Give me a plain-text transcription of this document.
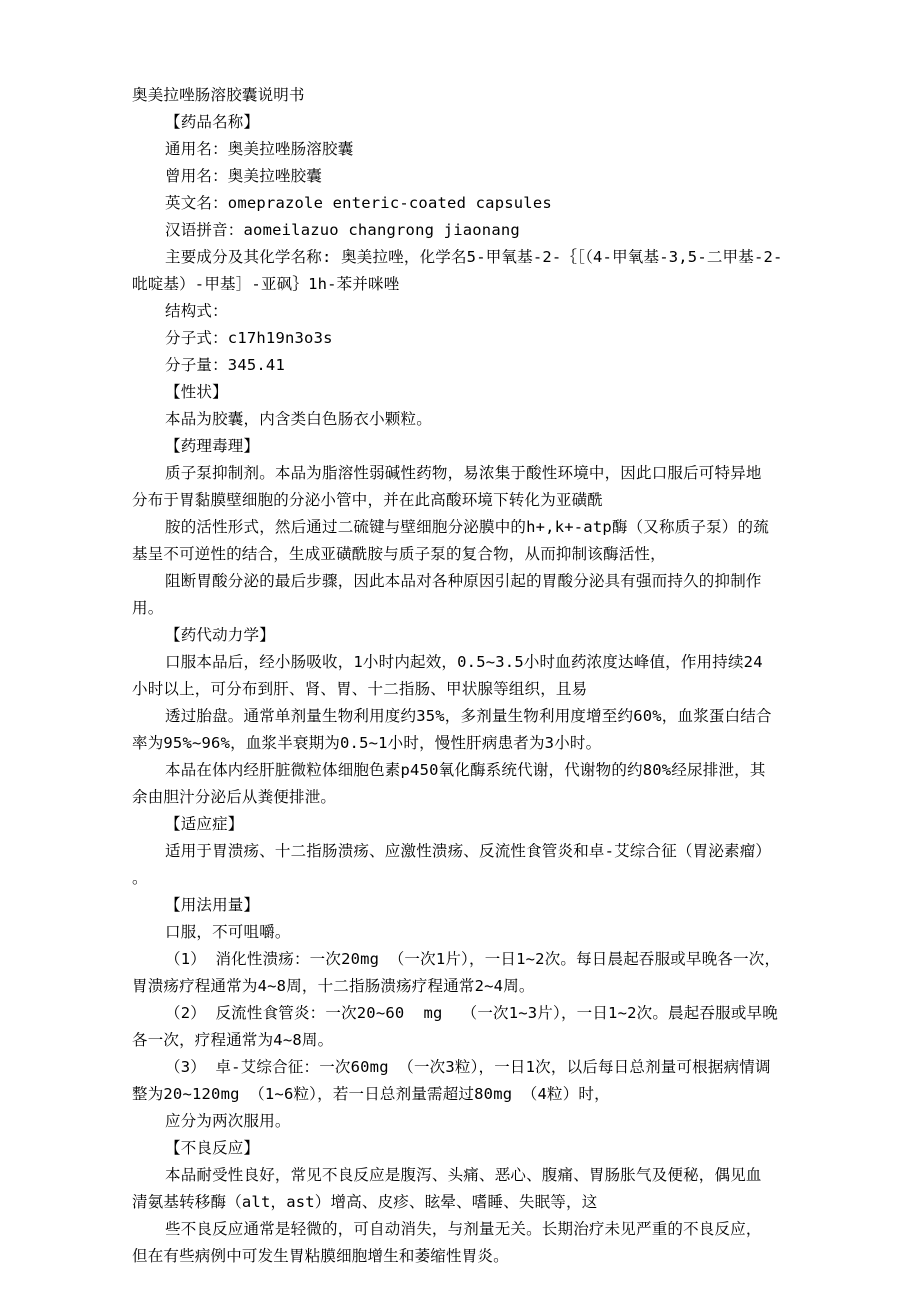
奥美拉唑肠溶胶囊说明书

【药品名称】

通用名：奥美拉唑肠溶胶囊

曾用名：奥美拉唑胶囊

英文名：omeprazole enteric-coated capsules

汉语拼音：aomeilazuo changrong jiaonang

主要成分及其化学名称: 奥美拉唑，化学名5-甲氧基-2-｛［（4-甲氧基-3,5-二甲基-2-

吡啶基）-甲基］-亚砜｝1h-苯并咪唑

结构式：

分子式：c17h19n3o3s

分子量：345.41

【性状】

本品为胶囊，内含类白色肠衣小颗粒。

【药理毒理】

质子泵抑制剂。本品为脂溶性弱碱性药物，易浓集于酸性环境中，因此口服后可特异地

分布于胃黏膜壁细胞的分泌小管中，并在此高酸环境下转化为亚磺酰

胺的活性形式，然后通过二硫键与壁细胞分泌膜中的h+,k+-atp酶（又称质子泵）的巯

基呈不可逆性的结合，生成亚磺酰胺与质子泵的复合物，从而抑制该酶活性，

阻断胃酸分泌的最后步骤，因此本品对各种原因引起的胃酸分泌具有强而持久的抑制作

用。

【药代动力学】

口服本品后，经小肠吸收，1小时内起效，0.5~3.5小时血药浓度达峰值，作用持续24

小时以上，可分布到肝、肾、胃、十二指肠、甲状腺等组织，且易

透过胎盘。通常单剂量生物利用度约35%，多剂量生物利用度增至约60%，血浆蛋白结合

率为95%~96%，血浆半衰期为0.5~1小时，慢性肝病患者为3小时。

本品在体内经肝脏微粒体细胞色素p450氧化酶系统代谢，代谢物的约80%经尿排泄，其

余由胆汁分泌后从粪便排泄。

【适应症】

适用于胃溃疡、十二指肠溃疡、应激性溃疡、反流性食管炎和卓-艾综合征（胃泌素瘤）

。

【用法用量】

口服，不可咀嚼。

（1） 消化性溃疡：一次20mg （一次1片），一日1~2次。每日晨起吞服或早晚各一次，

胃溃疡疗程通常为4~8周，十二指肠溃疡疗程通常2~4周。

（2） 反流性食管炎：一次20~60  mg  （一次1~3片），一日1~2次。晨起吞服或早晚

各一次，疗程通常为4~8周。

（3） 卓-艾综合征：一次60mg （一次3粒），一日1次，以后每日总剂量可根据病情调

整为20~120mg （1~6粒），若一日总剂量需超过80mg （4粒）时，

应分为两次服用。

【不良反应】

本品耐受性良好，常见不良反应是腹泻、头痛、恶心、腹痛、胃肠胀气及便秘，偶见血

清氨基转移酶（alt，ast）增高、皮疹、眩晕、嗜睡、失眠等，这

些不良反应通常是轻微的，可自动消失，与剂量无关。长期治疗未见严重的不良反应，

但在有些病例中可发生胃粘膜细胞增生和萎缩性胃炎。
